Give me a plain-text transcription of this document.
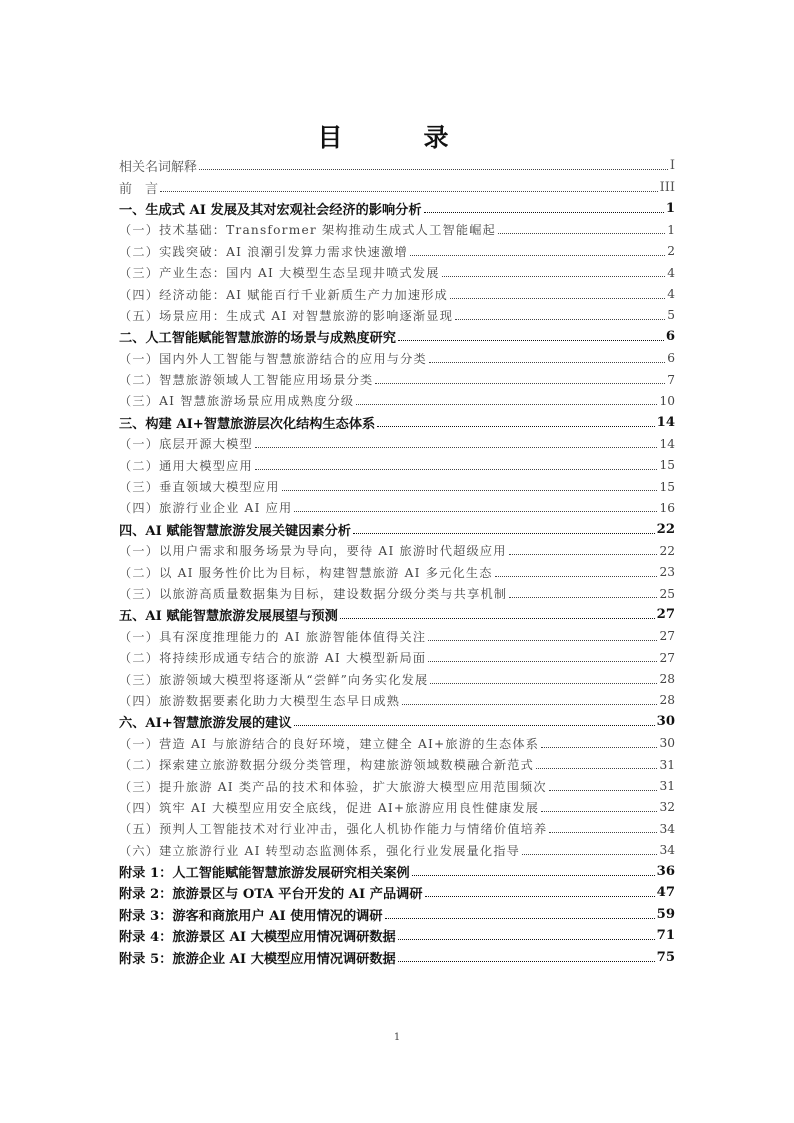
目　录
相关名词解释	I
前　言	III
一、生成式 AI 发展及其对宏观社会经济的影响分析	1
（一）技术基础：Transformer 架构推动生成式人工智能崛起	1
（二）实践突破：AI 浪潮引发算力需求快速激增	2
（三）产业生态：国内 AI 大模型生态呈现井喷式发展	4
（四）经济动能：AI 赋能百行千业新质生产力加速形成	4
（五）场景应用：生成式 AI 对智慧旅游的影响逐渐显现	5
二、人工智能赋能智慧旅游的场景与成熟度研究	6
（一）国内外人工智能与智慧旅游结合的应用与分类	6
（二）智慧旅游领域人工智能应用场景分类	7
（三）AI 智慧旅游场景应用成熟度分级	10
三、构建 AI+智慧旅游层次化结构生态体系	14
（一）底层开源大模型	14
（二）通用大模型应用	15
（三）垂直领域大模型应用	15
（四）旅游行业企业 AI 应用	16
四、AI 赋能智慧旅游发展关键因素分析	22
（一）以用户需求和服务场景为导向，要待 AI 旅游时代超级应用	22
（二）以 AI 服务性价比为目标，构建智慧旅游 AI 多元化生态	23
（三）以旅游高质量数据集为目标，建设数据分级分类与共享机制	25
五、AI 赋能智慧旅游发展展望与预测	27
（一）具有深度推理能力的 AI 旅游智能体值得关注	27
（二）将持续形成通专结合的旅游 AI 大模型新局面	27
（三）旅游领域大模型将逐渐从“尝鲜”向务实化发展	28
（四）旅游数据要素化助力大模型生态早日成熟	28
六、AI+智慧旅游发展的建议	30
（一）营造 AI 与旅游结合的良好环境，建立健全 AI+旅游的生态体系	30
（二）探索建立旅游数据分级分类管理，构建旅游领域数模融合新范式	31
（三）提升旅游 AI 类产品的技术和体验，扩大旅游大模型应用范围频次	31
（四）筑牢 AI 大模型应用安全底线，促进 AI+旅游应用良性健康发展	32
（五）预判人工智能技术对行业冲击，强化人机协作能力与情绪价值培养	34
（六）建立旅游行业 AI 转型动态监测体系，强化行业发展量化指导	34
附录 1：人工智能赋能智慧旅游发展研究相关案例	36
附录 2：旅游景区与 OTA 平台开发的 AI 产品调研	47
附录 3：游客和商旅用户 AI 使用情况的调研	59
附录 4：旅游景区 AI 大模型应用情况调研数据	71
附录 5：旅游企业 AI 大模型应用情况调研数据	75
1
